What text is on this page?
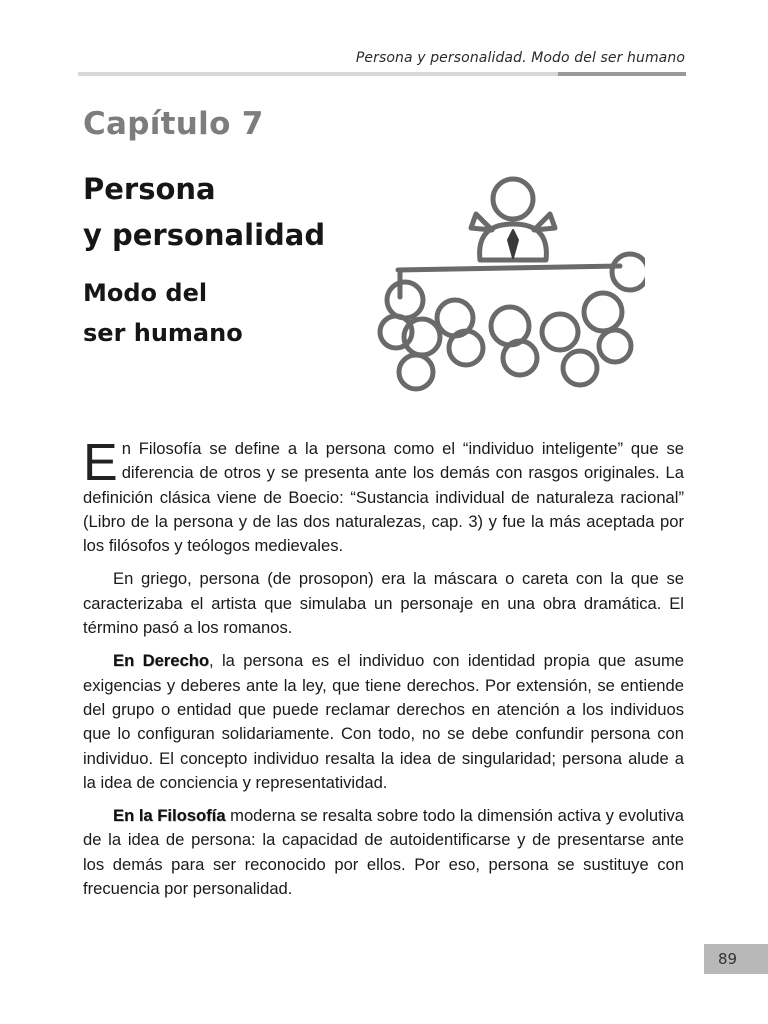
Persona y personalidad. Modo del ser humano
Capítulo 7
Persona
y personalidad
Modo del
ser humano

En Filosofía se define a la persona como el “individuo inteligente” que se diferencia de otros y se presenta ante los demás con rasgos originales. La definición clásica viene de Boecio: “Sustancia individual de naturaleza racional” (Libro de la persona y de las dos naturalezas, cap. 3) y fue la más aceptada por los filósofos y teólogos medievales.

En griego, persona (de prosopon) era la máscara o careta con la que se caracterizaba el artista que simulaba un personaje en una obra dramática. El término pasó a los romanos.

En Derecho, la persona es el individuo con identidad propia que asume exigencias y deberes ante la ley, que tiene derechos. Por extensión, se entiende del grupo o entidad que puede reclamar derechos en atención a los individuos que lo configuran solidariamente. Con todo, no se debe confundir persona con individuo. El concepto individuo resalta la idea de singularidad; persona alude a la idea de conciencia y representatividad.

En la Filosofía moderna se resalta sobre todo la dimensión activa y evolutiva de la idea de persona: la capacidad de autoidentificarse y de presentarse ante los demás para ser reconocido por ellos. Por eso, persona se sustituye con frecuencia por personalidad.

89
